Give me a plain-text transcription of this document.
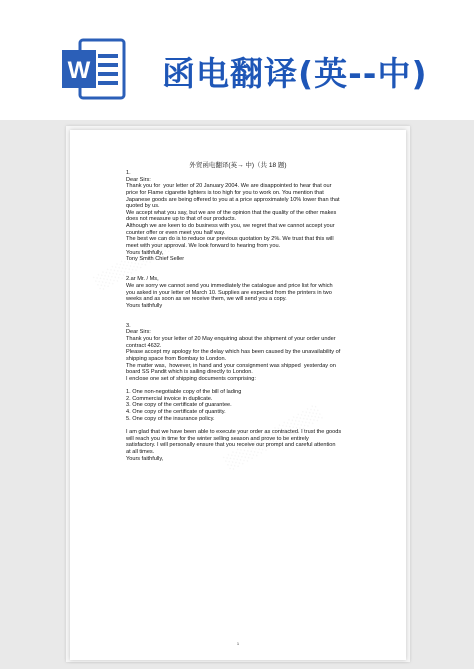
W 函电翻译(英--中)
外贸函电翻译(英→ 中)（共 18 题)
1.
Dear Sirs:
Thank you for  your letter of 20 January 2004. We are disappointed to hear that our
price for Flame cigarette lighters is too high for you to work on. You mention that
Japanese goods are being offered to you at a price approximately 10% lower than that
quoted by us.
We accept what you say, but we are of the opinion that the quality of the other makes
does not measure up to that of our products.
Although we are keen to do business with you, we regret that we cannot accept your
counter offer or even meet you half way.
The best we can do is to reduce our previous quotation by 2%. We trust that this will
meet with your approval. We look forward to hearing from you.
Yours faithfully,
Tony Smith Chief Seller
2.ar Mr. / Ms,
We are sorry we cannot send you immediately the catalogue and price list for which
you asked in your letter of March 10. Supplies are expected from the printers in two
weeks and as soon as we receive them, we will send you a copy.
Yours faithfully
3.
Dear Sirs:
Thank you for your letter of 20 May enquiring about the shipment of your order under
contract 4632.
Please accept my apology for the delay which has been caused by the unavailability of
shipping space from Bombay to London.
The matter was,  however, in hand and your consignment was shipped  yesterday on
board SS Pandit which is sailing directly to London.
I enclose one set of shipping documents comprising:
1. One non-negotiable copy of the bill of lading
2. Commercial invoice in duplicate.
3. One copy of the certificate of guarantee.
4. One copy of the certificate of quantity.
5. One copy of the insurance policy.
I am glad that we have been able to execute your order as contracted. I trust the goods
will reach you in time for the winter selling season and prove to be entirely
satisfactory. I will personally ensure that you receive our prompt and careful attention
at all times.
Yours faithfully,
1
